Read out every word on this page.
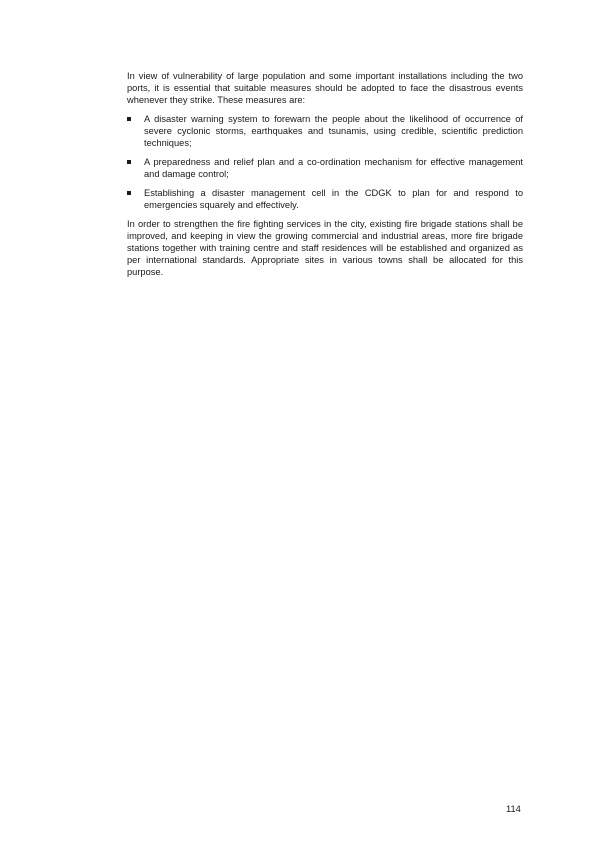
In view of vulnerability of large population and some important installations including the two ports, it is essential that suitable measures should be adopted to face the disastrous events whenever they strike. These measures are:

A disaster warning system to forewarn the people about the likelihood of occurrence of severe cyclonic storms, earthquakes and tsunamis, using credible, scientific prediction techniques;
A preparedness and relief plan and a co-ordination mechanism for effective management and damage control;
Establishing a disaster management cell in the CDGK to plan for and respond to emergencies squarely and effectively.

In order to strengthen the fire fighting services in the city, existing fire brigade stations shall be improved, and keeping in view the growing commercial and industrial areas, more fire brigade stations together with training centre and staff residences will be established and organized as per international standards. Appropriate sites in various towns shall be allocated for this purpose.

114
